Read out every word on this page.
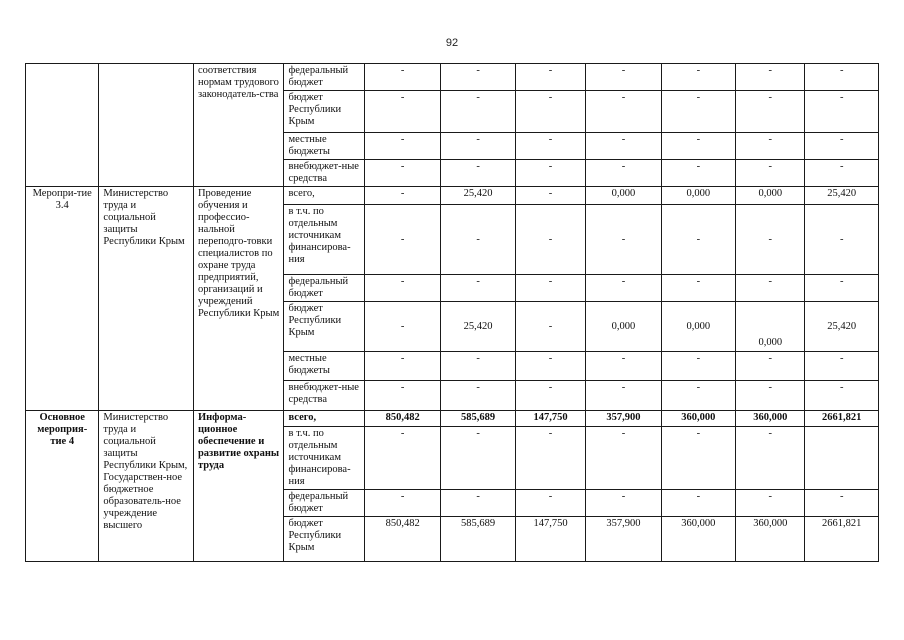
92
		соответствия нормам трудового законодатель-ства	федеральный бюджет	-	-	-	-	-	-	-
			бюджет Республики Крым	-	-	-	-	-	-	-
			местные бюджеты	-	-	-	-	-	-	-
			внебюджет-ные средства	-	-	-	-	-	-	-
Меропри-тие 3.4	Министерство труда и социальной защиты Республики Крым	Проведение обучения и профессио-нальной переподго-товки специалистов по охране труда предприятий, организаций и учреждений Республики Крым	всего,	-	25,420	-	0,000	0,000	0,000	25,420
			в т.ч. по отдельным источникам финансирова-ния	-	-	-	-	-	-	-
			федеральный бюджет	-	-	-	-	-	-	-
			бюджет Республики Крым	-	25,420	-	0,000	0,000	0,000	25,420
			местные бюджеты	-	-	-	-	-	-	-
			внебюджет-ные средства	-	-	-	-	-	-	-
Основное мероприя-тие 4	Министерство труда и социальной защиты Республики Крым, Государствен-ное бюджетное образователь-ное учреждение высшего	Информа-ционное обеспечение и развитие охраны труда	всего,	850,482	585,689	147,750	357,900	360,000	360,000	2661,821
			в т.ч. по отдельным источникам финансирова-ния	-	-	-	-	-	-	
			федеральный бюджет	-	-	-	-	-	-	-
			бюджет Республики Крым	850,482	585,689	147,750	357,900	360,000	360,000	2661,821
